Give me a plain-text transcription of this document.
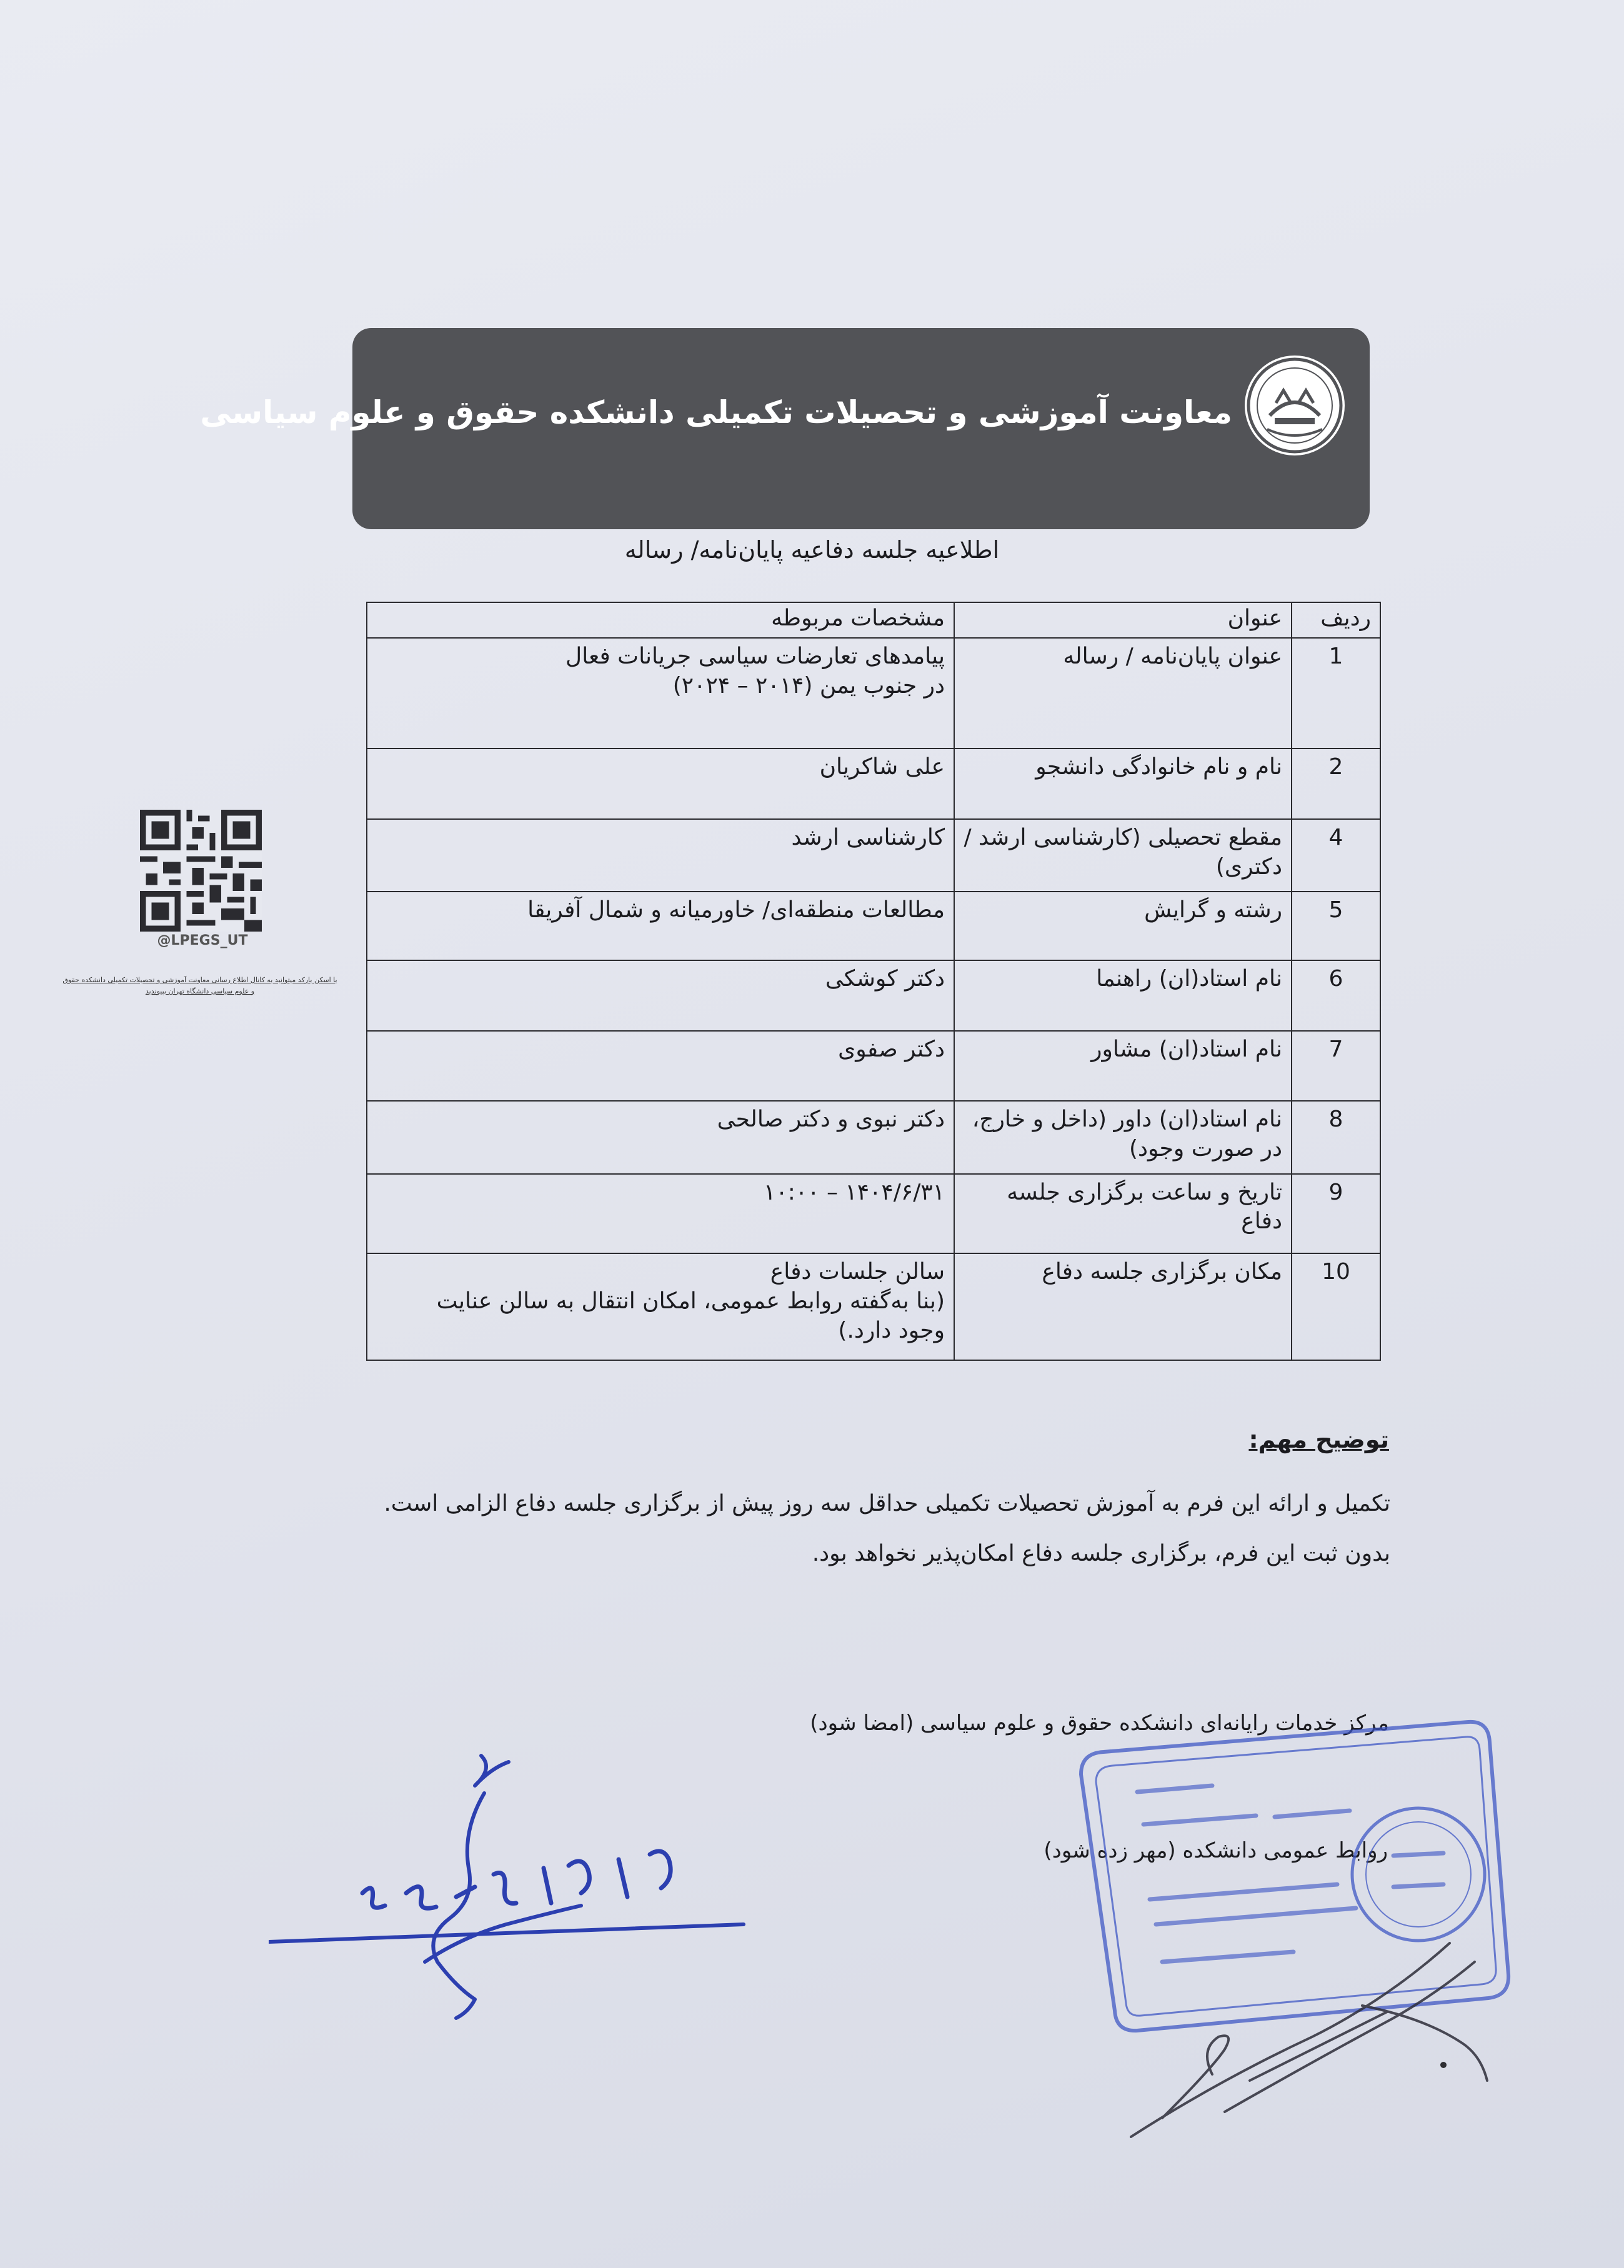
معاونت آموزشی و تحصیلات تکمیلی دانشکده حقوق و علوم سیاسی
اطلاعیه جلسه دفاعیه پایان‌نامه/ رساله
ردیف	عنوان	مشخصات مربوطه
1	عنوان پایان‌نامه / رساله	پیامدهای تعارضات سیاسی جریانات فعال
در جنوب یمن (۲۰۱۴ – ۲۰۲۴)

2	نام و نام خانوادگی دانشجو	علی شاکریان
4	مقطع تحصیلی (کارشناسی ارشد / دکتری)	کارشناسی ارشد
5	رشته و گرایش	مطالعات منطقه‌ای/ خاورمیانه و شمال آفریقا
6	نام استاد(ان) راهنما	دکتر کوشکی
7	نام استاد(ان) مشاور	دکتر صفوی
8	نام استاد(ان) داور (داخل و خارج، در صورت وجود)	دکتر نبوی و دکتر صالحی
9	تاریخ و ساعت برگزاری جلسه دفاع	۱۴۰۴/۶/۳۱ – ۱۰:۰۰
10	مکان برگزاری جلسه دفاع	سالن جلسات دفاع
(بنا به‌گفته روابط عمومی، امکان انتقال به سالن عنایت
وجود دارد.)
توضیح مهم:
تکمیل و ارائه این فرم به آموزش تحصیلات تکمیلی حداقل سه روز پیش از برگزاری جلسه دفاع الزامی است.
بدون ثبت این فرم، برگزاری جلسه دفاع امکان‌پذیر نخواهد بود.
مرکز خدمات رایانه‌ای دانشکده حقوق و علوم سیاسی (امضا شود)
روابط عمومی دانشکده (مهر زده شود)
@LPEGS_UT
با اسکن بارکد میتوانید به کانال اطلاع رسانی معاونت آموزشی و تحصیلات تکمیلی دانشکده حقوق و علوم سیاسی دانشگاه تهران بپیوندید
